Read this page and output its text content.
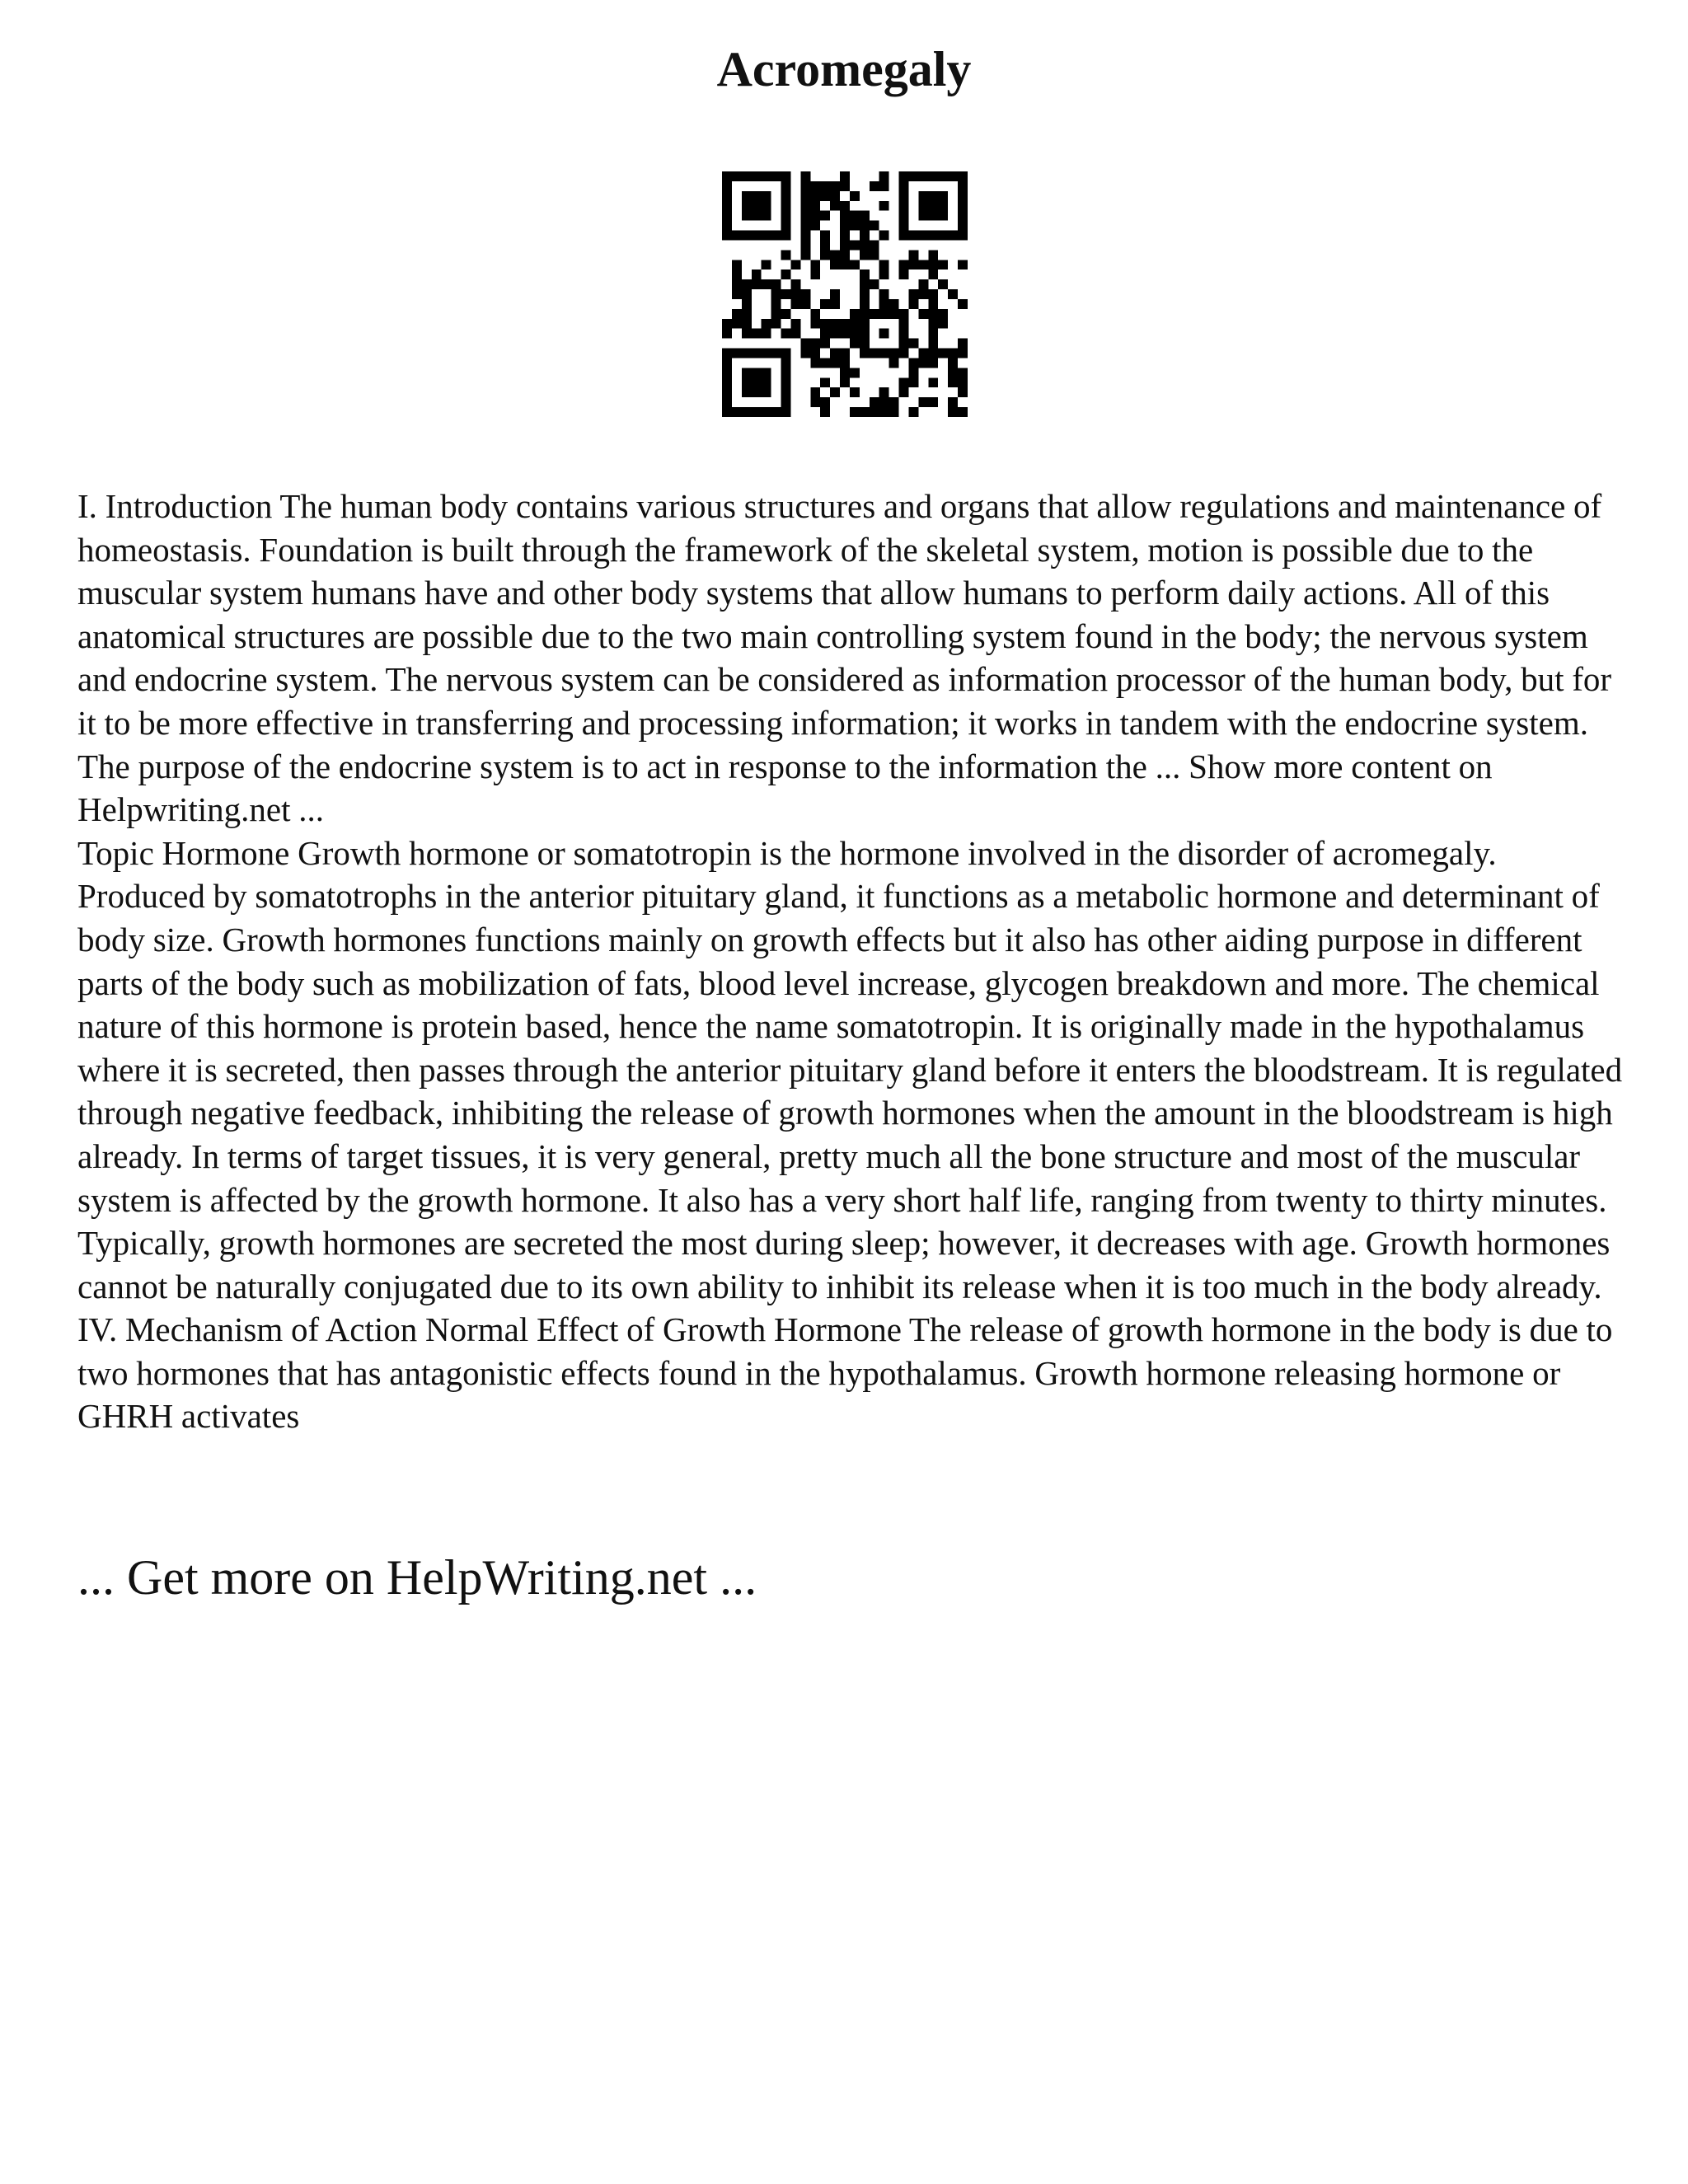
Acromegaly

I. Introduction The human body contains various structures and organs that allow regulations and maintenance of homeostasis. Foundation is built through the framework of the skeletal system, motion is possible due to the muscular system humans have and other body systems that allow humans to perform daily actions. All of this anatomical structures are possible due to the two main controlling system found in the body; the nervous system and endocrine system. The nervous system can be considered as information processor of the human body, but for it to be more effective in transferring and processing information; it works in tandem with the endocrine system. The purpose of the endocrine system is to act in response to the information the ... Show more content on Helpwriting.net ...

Topic Hormone Growth hormone or somatotropin is the hormone involved in the disorder of acromegaly. Produced by somatotrophs in the anterior pituitary gland, it functions as a metabolic hormone and determinant of body size. Growth hormones functions mainly on growth effects but it also has other aiding purpose in different parts of the body such as mobilization of fats, blood level increase, glycogen breakdown and more. The chemical nature of this hormone is protein based, hence the name somatotropin. It is originally made in the hypothalamus where it is secreted, then passes through the anterior pituitary gland before it enters the bloodstream. It is regulated through negative feedback, inhibiting the release of growth hormones when the amount in the bloodstream is high already. In terms of target tissues, it is very general, pretty much all the bone structure and most of the muscular system is affected by the growth hormone. It also has a very short half life, ranging from twenty to thirty minutes. Typically, growth hormones are secreted the most during sleep; however, it decreases with age. Growth hormones cannot be naturally conjugated due to its own ability to inhibit its release when it is too much in the body already. IV. Mechanism of Action Normal Effect of Growth Hormone The release of growth hormone in the body is due to two hormones that has antagonistic effects found in the hypothalamus. Growth hormone releasing hormone or GHRH activates

... Get more on HelpWriting.net ...
